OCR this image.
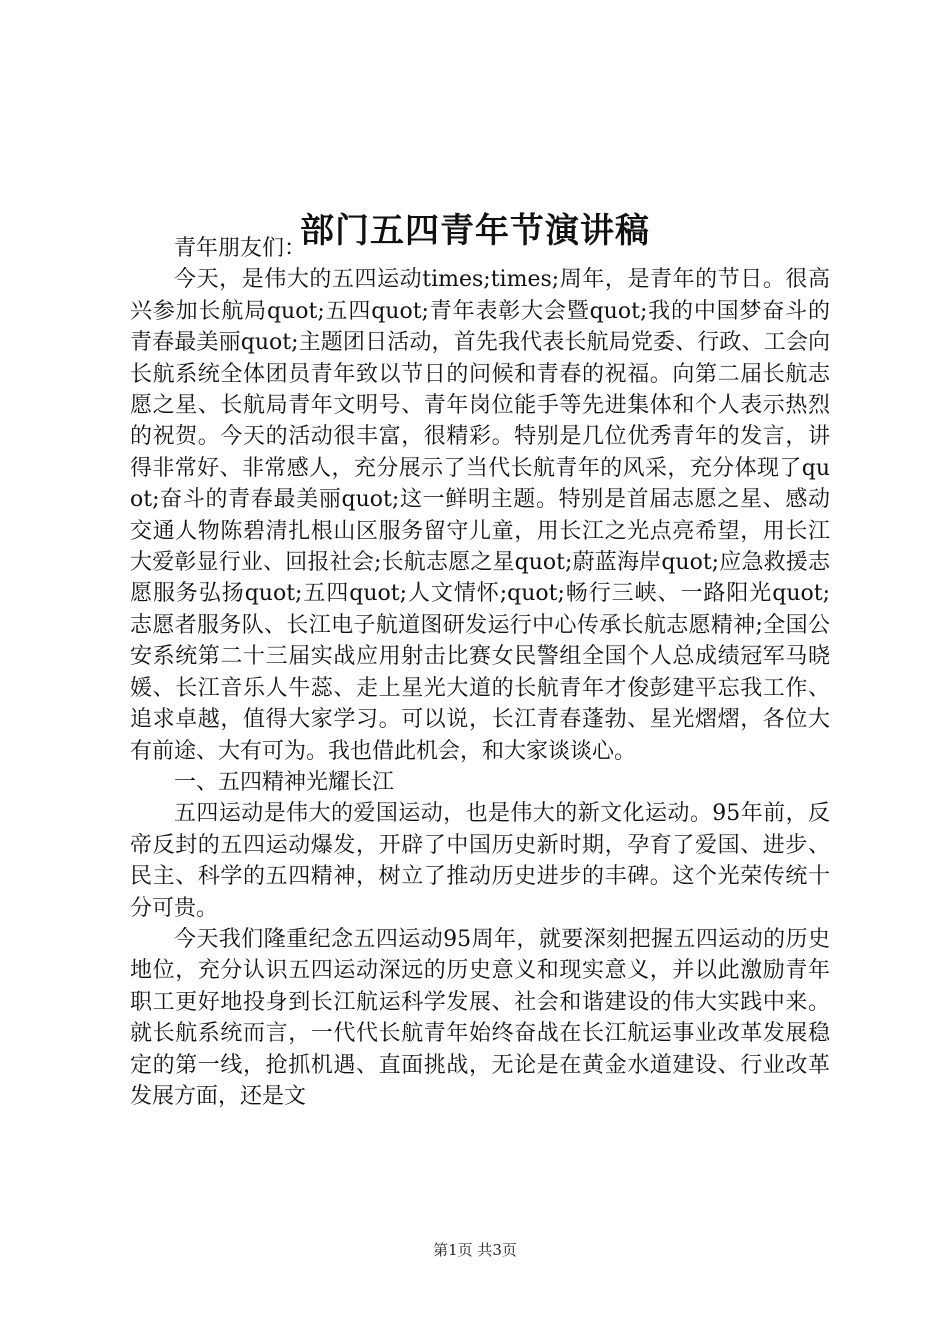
部门五四青年节演讲稿

青年朋友们：

今天，是伟大的五四运动times;times;周年，是青年的节日。很高兴参加长航局quot;五四quot;青年表彰大会暨quot;我的中国梦奋斗的青春最美丽quot;主题团日活动，首先我代表长航局党委、行政、工会向长航系统全体团员青年致以节日的问候和青春的祝福。向第二届长航志愿之星、长航局青年文明号、青年岗位能手等先进集体和个人表示热烈的祝贺。今天的活动很丰富，很精彩。特别是几位优秀青年的发言，讲得非常好、非常感人，充分展示了当代长航青年的风采，充分体现了quot;奋斗的青春最美丽quot;这一鲜明主题。特别是首届志愿之星、感动交通人物陈碧清扎根山区服务留守儿童，用长江之光点亮希望，用长江大爱彰显行业、回报社会;长航志愿之星quot;蔚蓝海岸quot;应急救援志愿服务弘扬quot;五四quot;人文情怀;quot;畅行三峡、一路阳光quot;志愿者服务队、长江电子航道图研发运行中心传承长航志愿精神;全国公安系统第二十三届实战应用射击比赛女民警组全国个人总成绩冠军马晓媛、长江音乐人牛蕊、走上星光大道的长航青年才俊彭建平忘我工作、追求卓越，值得大家学习。可以说，长江青春蓬勃、星光熠熠，各位大有前途、大有可为。我也借此机会，和大家谈谈心。

一、五四精神光耀长江

五四运动是伟大的爱国运动，也是伟大的新文化运动。95年前，反帝反封的五四运动爆发，开辟了中国历史新时期，孕育了爱国、进步、民主、科学的五四精神，树立了推动历史进步的丰碑。这个光荣传统十分可贵。

今天我们隆重纪念五四运动95周年，就要深刻把握五四运动的历史地位，充分认识五四运动深远的历史意义和现实意义，并以此激励青年职工更好地投身到长江航运科学发展、社会和谐建设的伟大实践中来。就长航系统而言，一代代长航青年始终奋战在长江航运事业改革发展稳定的第一线，抢抓机遇、直面挑战，无论是在黄金水道建设、行业改革发展方面，还是文

第1页 共3页
